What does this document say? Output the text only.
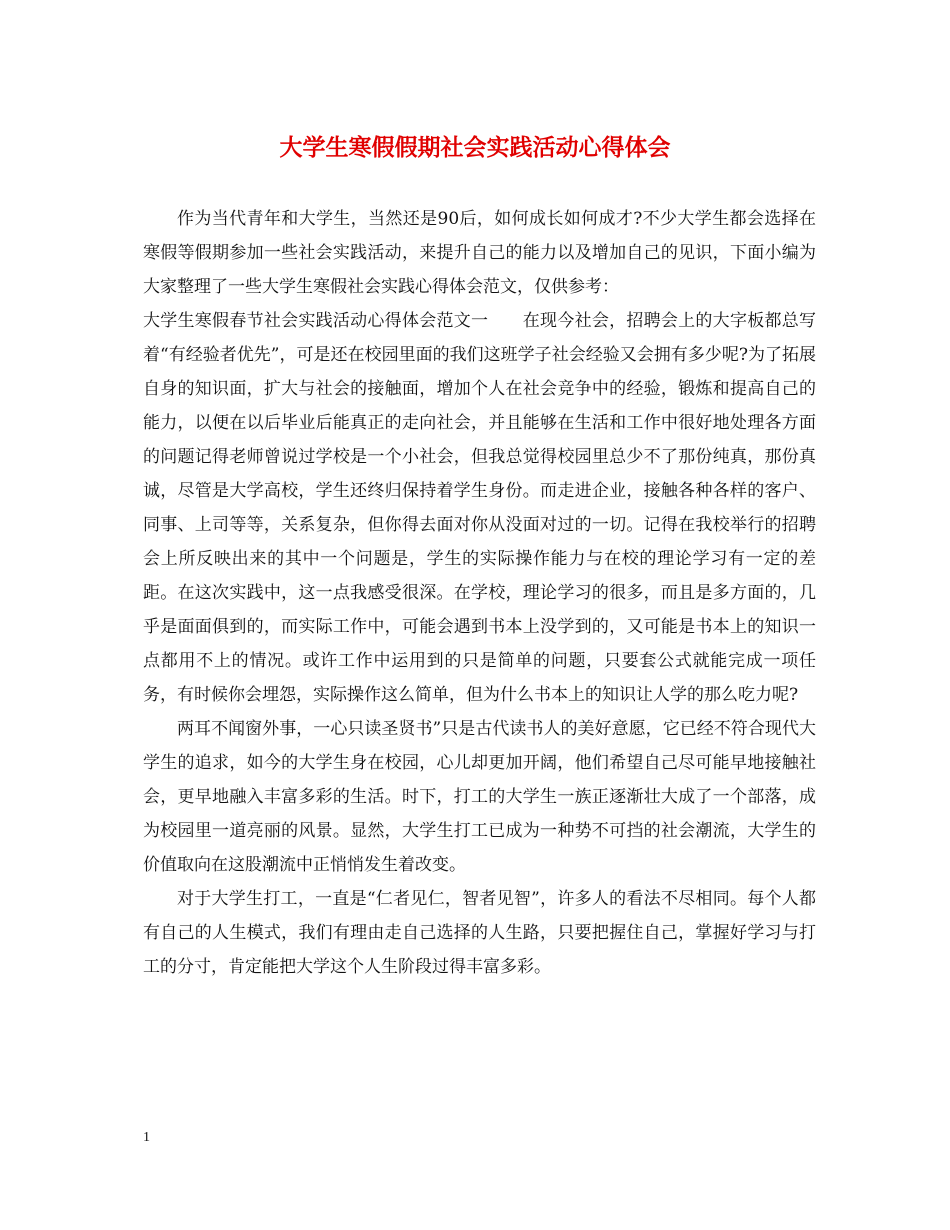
大学生寒假假期社会实践活动心得体会

作为当代青年和大学生，当然还是90后，如何成长如何成才?不少大学生都会选择在寒假等假期参加一些社会实践活动，来提升自己的能力以及增加自己的见识，下面小编为大家整理了一些大学生寒假社会实践心得体会范文，仅供参考：

大学生寒假春节社会实践活动心得体会范文一　　在现今社会，招聘会上的大字板都总写着“有经验者优先”，可是还在校园里面的我们这班学子社会经验又会拥有多少呢?为了拓展自身的知识面，扩大与社会的接触面，增加个人在社会竞争中的经验，锻炼和提高自己的能力，以便在以后毕业后能真正的走向社会，并且能够在生活和工作中很好地处理各方面的问题记得老师曾说过学校是一个小社会，但我总觉得校园里总少不了那份纯真，那份真诚，尽管是大学高校，学生还终归保持着学生身份。而走进企业，接触各种各样的客户、同事、上司等等，关系复杂，但你得去面对你从没面对过的一切。记得在我校举行的招聘会上所反映出来的其中一个问题是，学生的实际操作能力与在校的理论学习有一定的差距。在这次实践中，这一点我感受很深。在学校，理论学习的很多，而且是多方面的，几乎是面面俱到的，而实际工作中，可能会遇到书本上没学到的，又可能是书本上的知识一点都用不上的情况。或许工作中运用到的只是简单的问题，只要套公式就能完成一项任务，有时候你会埋怨，实际操作这么简单，但为什么书本上的知识让人学的那么吃力呢?

两耳不闻窗外事，一心只读圣贤书”只是古代读书人的美好意愿，它已经不符合现代大学生的追求，如今的大学生身在校园，心儿却更加开阔，他们希望自己尽可能早地接触社会，更早地融入丰富多彩的生活。时下，打工的大学生一族正逐渐壮大成了一个部落，成为校园里一道亮丽的风景。显然，大学生打工已成为一种势不可挡的社会潮流，大学生的价值取向在这股潮流中正悄悄发生着改变。

对于大学生打工，一直是“仁者见仁，智者见智”，许多人的看法不尽相同。每个人都有自己的人生模式，我们有理由走自己选择的人生路，只要把握住自己，掌握好学习与打工的分寸，肯定能把大学这个人生阶段过得丰富多彩。

1
